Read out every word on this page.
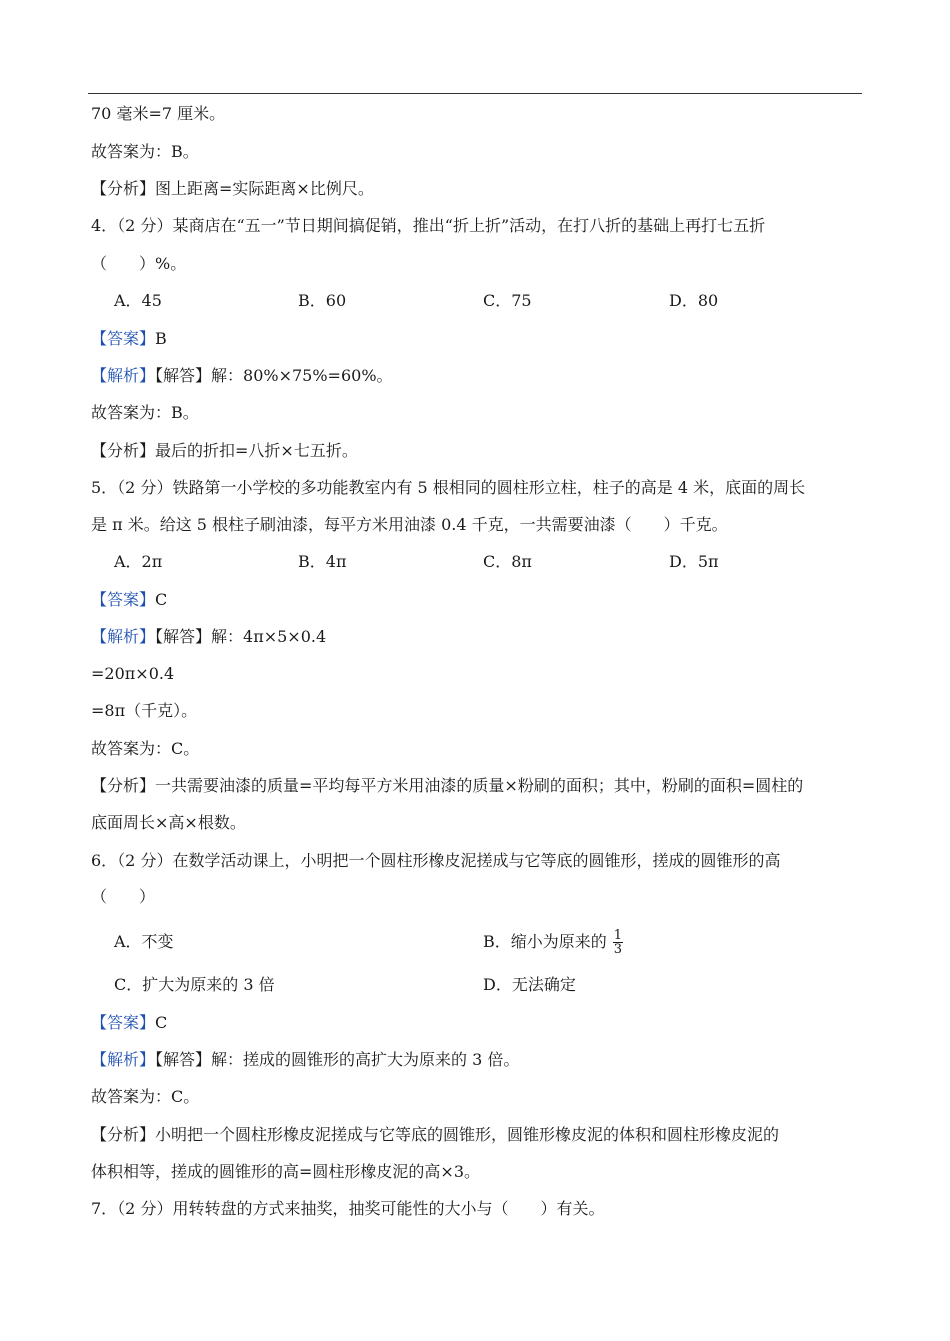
70 毫米=7 厘米。
故答案为：B。
【分析】图上距离=实际距离×比例尺。
4．（2 分）某商店在“五一”节日期间搞促销，推出“折上折”活动，在打八折的基础上再打七五折
（　　）%。
A．45	B．60	C．75	D．80
【答案】B
【解析】【解答】解：80%×75%=60%。
故答案为：B。
【分析】最后的折扣=八折×七五折。
5．（2 分）铁路第一小学校的多功能教室内有 5 根相同的圆柱形立柱，柱子的高是 4 米，底面的周长
是 π 米。给这 5 根柱子刷油漆，每平方米用油漆 0.4 千克，一共需要油漆（　　）千克。
A．2π	B．4π	C．8π	D．5π
【答案】C
【解析】【解答】解：4π×5×0.4
=20π×0.4
=8π（千克）。
故答案为：C。
【分析】一共需要油漆的质量=平均每平方米用油漆的质量×粉刷的面积；其中，粉刷的面积=圆柱的
底面周长×高×根数。
6．（2 分）在数学活动课上，小明把一个圆柱形橡皮泥搓成与它等底的圆锥形，搓成的圆锥形的高
（　　）
A．不变	B．缩小为原来的 $\frac{1}{3}$
C．扩大为原来的 3 倍	D．无法确定
【答案】C
【解析】【解答】解：搓成的圆锥形的高扩大为原来的 3 倍。
故答案为：C。
【分析】小明把一个圆柱形橡皮泥搓成与它等底的圆锥形，圆锥形橡皮泥的体积和圆柱形橡皮泥的
体积相等，搓成的圆锥形的高=圆柱形橡皮泥的高×3。
7．（2 分）用转转盘的方式来抽奖，抽奖可能性的大小与（　　）有关。
